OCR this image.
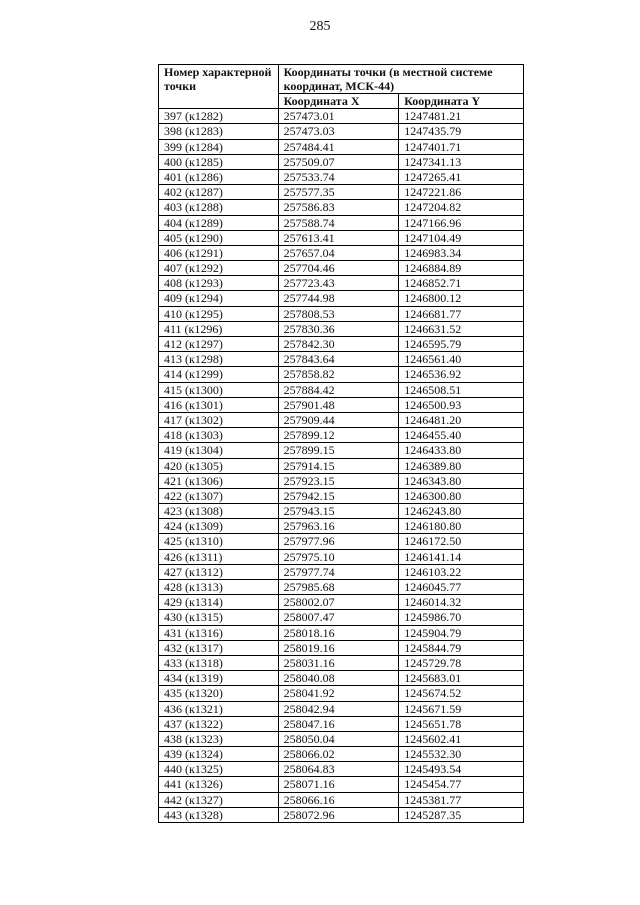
285
Номер характерной точки	Координаты точки (в местной системе координат, МСК-44)	
	Координата X	Координата Y
397 (к1282)	257473.01	1247481.21
398 (к1283)	257473.03	1247435.79
399 (к1284)	257484.41	1247401.71
400 (к1285)	257509.07	1247341.13
401 (к1286)	257533.74	1247265.41
402 (к1287)	257577.35	1247221.86
403 (к1288)	257586.83	1247204.82
404 (к1289)	257588.74	1247166.96
405 (к1290)	257613.41	1247104.49
406 (к1291)	257657.04	1246983.34
407 (к1292)	257704.46	1246884.89
408 (к1293)	257723.43	1246852.71
409 (к1294)	257744.98	1246800.12
410 (к1295)	257808.53	1246681.77
411 (к1296)	257830.36	1246631.52
412 (к1297)	257842.30	1246595.79
413 (к1298)	257843.64	1246561.40
414 (к1299)	257858.82	1246536.92
415 (к1300)	257884.42	1246508.51
416 (к1301)	257901.48	1246500.93
417 (к1302)	257909.44	1246481.20
418 (к1303)	257899.12	1246455.40
419 (к1304)	257899.15	1246433.80
420 (к1305)	257914.15	1246389.80
421 (к1306)	257923.15	1246343.80
422 (к1307)	257942.15	1246300.80
423 (к1308)	257943.15	1246243.80
424 (к1309)	257963.16	1246180.80
425 (к1310)	257977.96	1246172.50
426 (к1311)	257975.10	1246141.14
427 (к1312)	257977.74	1246103.22
428 (к1313)	257985.68	1246045.77
429 (к1314)	258002.07	1246014.32
430 (к1315)	258007.47	1245986.70
431 (к1316)	258018.16	1245904.79
432 (к1317)	258019.16	1245844.79
433 (к1318)	258031.16	1245729.78
434 (к1319)	258040.08	1245683.01
435 (к1320)	258041.92	1245674.52
436 (к1321)	258042.94	1245671.59
437 (к1322)	258047.16	1245651.78
438 (к1323)	258050.04	1245602.41
439 (к1324)	258066.02	1245532.30
440 (к1325)	258064.83	1245493.54
441 (к1326)	258071.16	1245454.77
442 (к1327)	258066.16	1245381.77
443 (к1328)	258072.96	1245287.35
